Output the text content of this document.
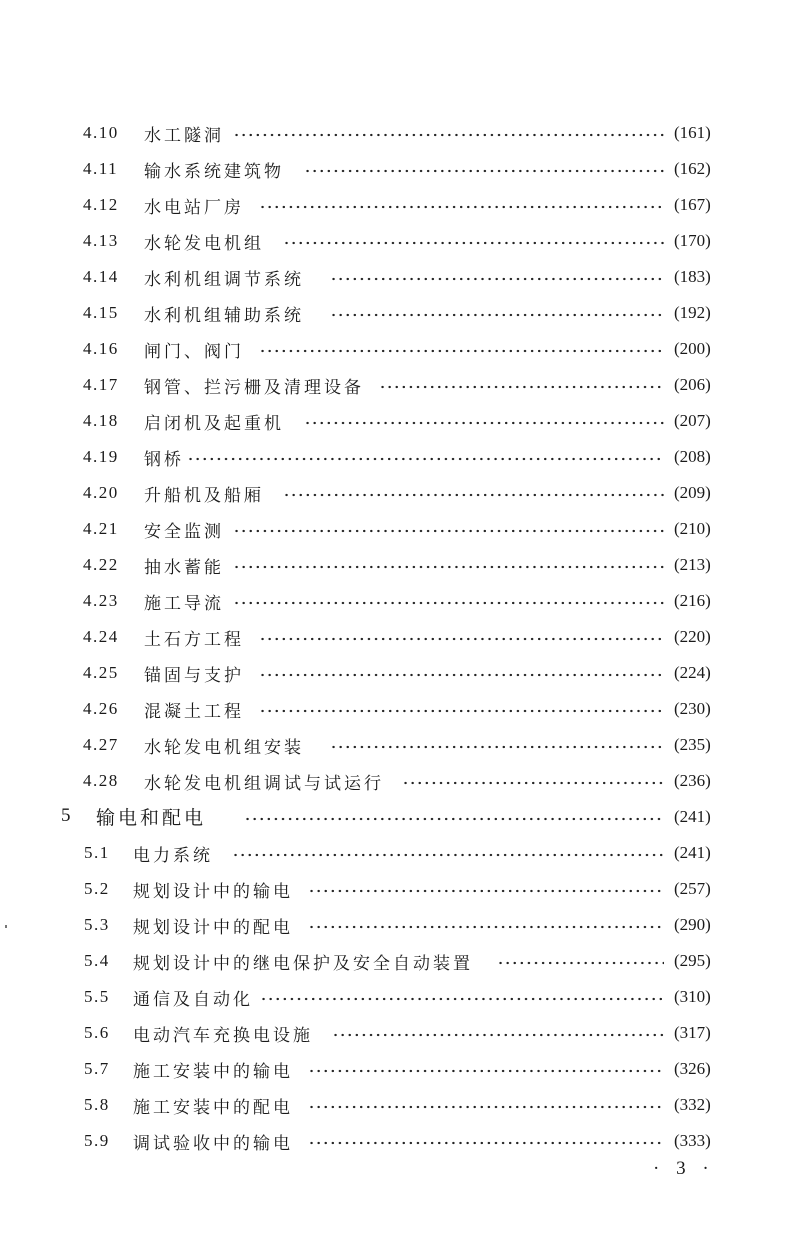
4.10 水工隧洞	(161)
4.11 输水系统建筑物	(162)
4.12 水电站厂房	(167)
4.13 水轮发电机组	(170)
4.14 水利机组调节系统	(183)
4.15 水利机组辅助系统	(192)
4.16 闸门、阀门	(200)
4.17 钢管、拦污栅及清理设备	(206)
4.18 启闭机及起重机	(207)
4.19 钢桥	(208)
4.20 升船机及船厢	(209)
4.21 安全监测	(210)
4.22 抽水蓄能	(213)
4.23 施工导流	(216)
4.24 土石方工程	(220)
4.25 锚固与支护	(224)
4.26 混凝土工程	(230)
4.27 水轮发电机组安装	(235)
4.28 水轮发电机组调试与试运行	(236)
5 输电和配电	(241)
5.1 电力系统	(241)
5.2 规划设计中的输电	(257)
5.3 规划设计中的配电	(290)
5.4 规划设计中的继电保护及安全自动装置	(295)
5.5 通信及自动化	(310)
5.6 电动汽车充换电设施	(317)
5.7 施工安装中的输电	(326)
5.8 施工安装中的配电	(332)
5.9 调试验收中的输电	(333)
· 3 ·
